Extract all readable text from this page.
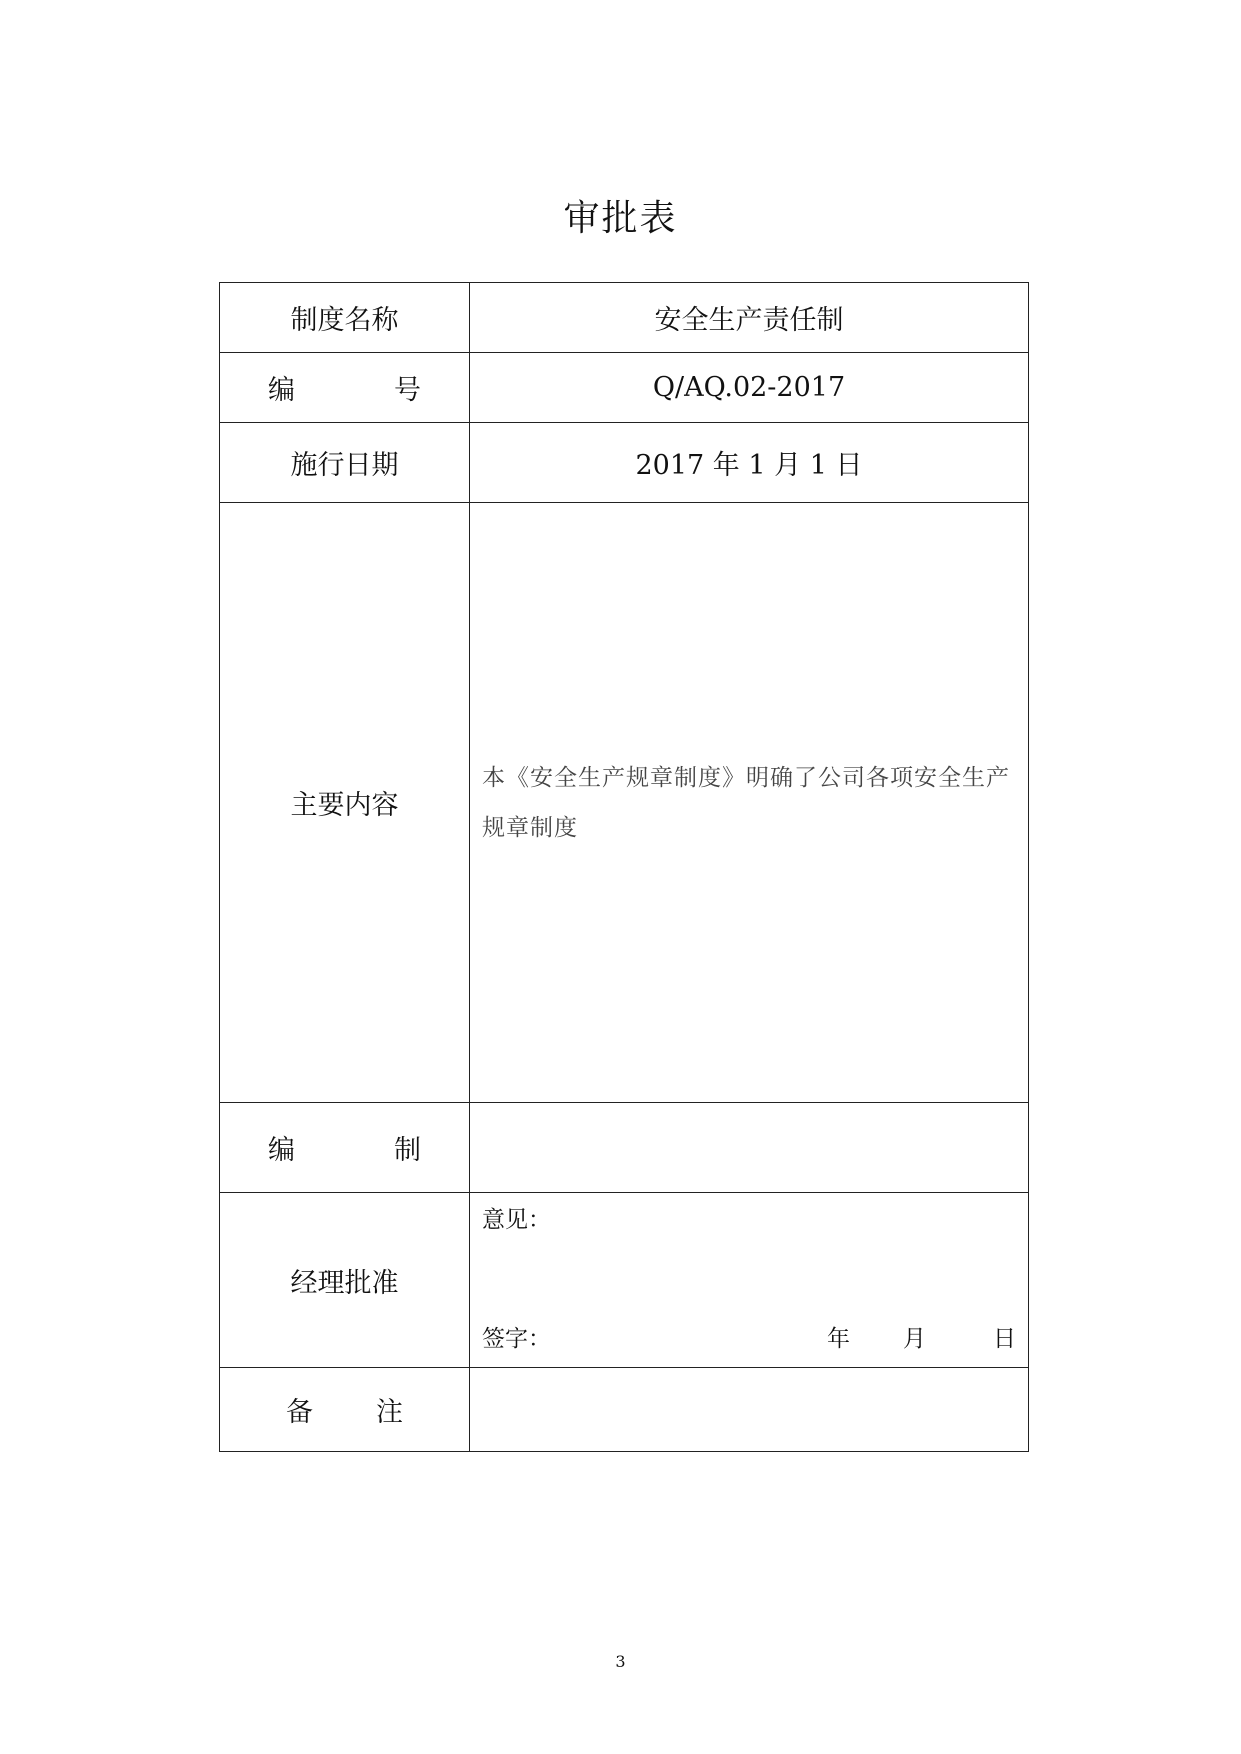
审批表
制度名称	安全生产责任制

编 号	Q/AQ.02-2017
施行日期	2017 年 1 月 1 日
主要内容	本《安全生产规章制度》明确了公司各项安全生产规章制度

编 制	

经理批准	意见：
签字： 年 月 日

备 注	

3
